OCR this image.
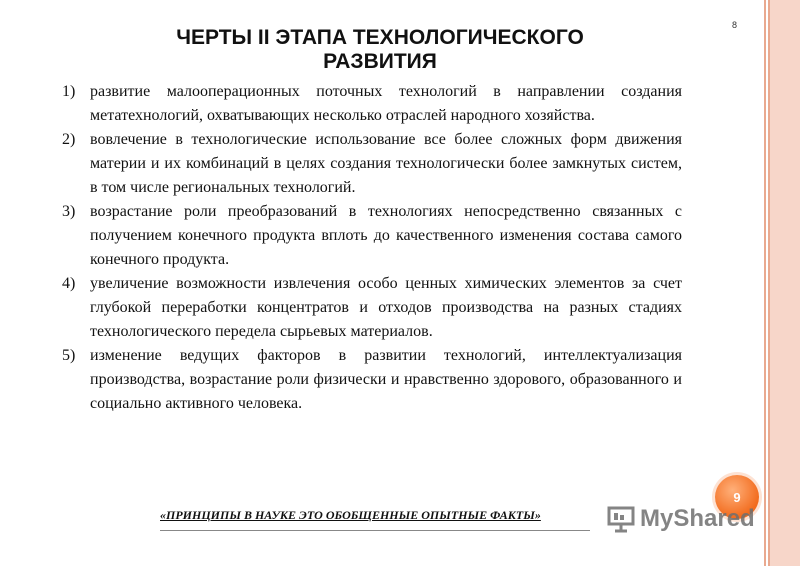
8
ЧЕРТЫ II ЭТАПА ТЕХНОЛОГИЧЕСКОГО РАЗВИТИЯ
1) развитие малооперационных поточных технологий в направлении создания метатехнологий, охватывающих несколько отраслей народного хозяйства.
2) вовлечение в технологические использование все более сложных форм движения материи и их комбинаций в целях создания технологически более замкнутых систем, в том числе региональных технологий.
3) возрастание роли преобразований в технологиях непосредственно связанных с получением конечного продукта вплоть до качественного изменения состава самого конечного продукта.
4) увеличение возможности извлечения особо ценных химических элементов за счет глубокой переработки концентратов и отходов производства на разных стадиях технологического передела сырьевых материалов.
5) изменение ведущих факторов в развитии технологий, интеллектуализация производства, возрастание роли физически и нравственно здорового, образованного и социально активного человека.
9
«ПРИНЦИПЫ В НАУКЕ ЭТО ОБОБЩЕННЫЕ ОПЫТНЫЕ ФАКТЫ»	MyShared
